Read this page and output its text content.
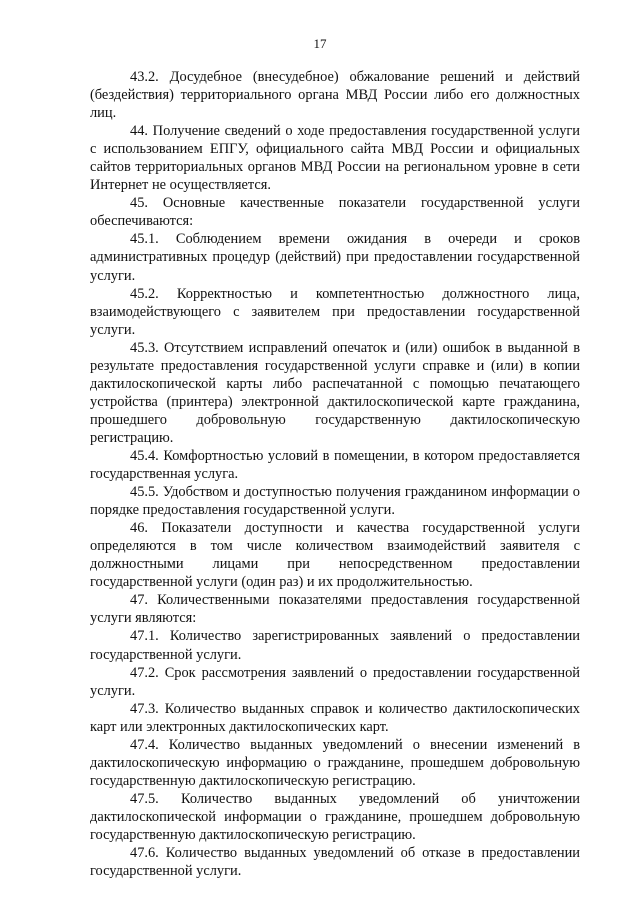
17

43.2. Досудебное (внесудебное) обжалование решений и действий (бездействия) территориального органа МВД России либо его должностных лиц.

44. Получение сведений о ходе предоставления государственной услуги с использованием ЕПГУ, официального сайта МВД России и официальных сайтов территориальных органов МВД России на региональном уровне в сети Интернет не осуществляется.

45. Основные качественные показатели государственной услуги обеспечиваются:

45.1. Соблюдением времени ожидания в очереди и сроков административных процедур (действий) при предоставлении государственной услуги.

45.2. Корректностью и компетентностью должностного лица, взаимодействующего с заявителем при предоставлении государственной услуги.

45.3. Отсутствием исправлений опечаток и (или) ошибок в выданной в результате предоставления государственной услуги справке и (или) в копии дактилоскопической карты либо распечатанной с помощью печатающего устройства (принтера) электронной дактилоскопической карте гражданина, прошедшего добровольную государственную дактилоскопическую регистрацию.

45.4. Комфортностью условий в помещении, в котором предоставляется государственная услуга.

45.5. Удобством и доступностью получения гражданином информации о порядке предоставления государственной услуги.

46. Показатели доступности и качества государственной услуги определяются в том числе количеством взаимодействий заявителя с должностными лицами при непосредственном предоставлении государственной услуги (один раз) и их продолжительностью.

47. Количественными показателями предоставления государственной услуги являются:

47.1. Количество зарегистрированных заявлений о предоставлении государственной услуги.

47.2. Срок рассмотрения заявлений о предоставлении государственной услуги.

47.3. Количество выданных справок и количество дактилоскопических карт или электронных дактилоскопических карт.

47.4. Количество выданных уведомлений о внесении изменений в дактилоскопическую информацию о гражданине, прошедшем добровольную государственную дактилоскопическую регистрацию.

47.5. Количество выданных уведомлений об уничтожении дактилоскопической информации о гражданине, прошедшем добровольную государственную дактилоскопическую регистрацию.

47.6. Количество выданных уведомлений об отказе в предоставлении государственной услуги.
